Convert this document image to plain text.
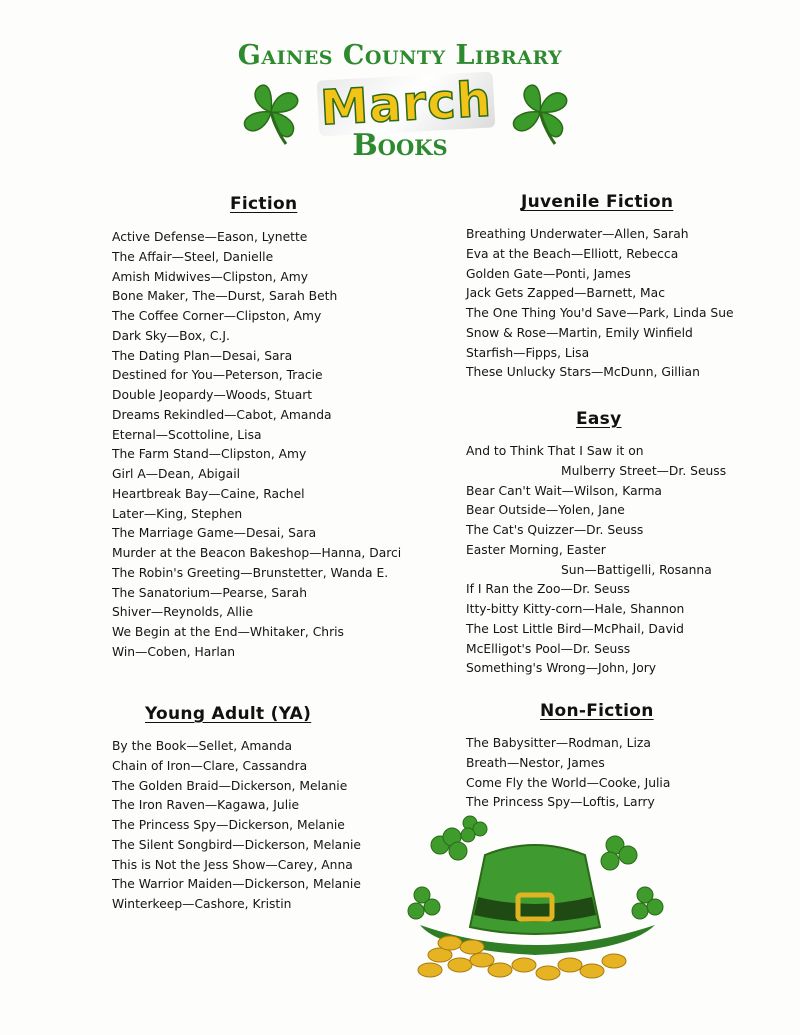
Gaines County Library
March
Books
Fiction
Active Defense—Eason, Lynette
The Affair—Steel, Danielle
Amish Midwives—Clipston, Amy
Bone Maker, The—Durst, Sarah Beth
The Coffee Corner—Clipston, Amy
Dark Sky—Box, C.J.
The Dating Plan—Desai, Sara
Destined for You—Peterson, Tracie
Double Jeopardy—Woods, Stuart
Dreams Rekindled—Cabot, Amanda
Eternal—Scottoline, Lisa
The Farm Stand—Clipston, Amy
Girl A—Dean, Abigail
Heartbreak Bay—Caine, Rachel
Later—King, Stephen
The Marriage Game—Desai, Sara
Murder at the Beacon Bakeshop—Hanna, Darci
The Robin's Greeting—Brunstetter, Wanda E.
The Sanatorium—Pearse, Sarah
Shiver—Reynolds, Allie
We Begin at the End—Whitaker, Chris
Win—Coben, Harlan
Juvenile Fiction
Breathing Underwater—Allen, Sarah
Eva at the Beach—Elliott, Rebecca
Golden Gate—Ponti, James
Jack Gets Zapped—Barnett, Mac
The One Thing You'd Save—Park, Linda Sue
Snow & Rose—Martin, Emily Winfield
Starfish—Fipps, Lisa
These Unlucky Stars—McDunn, Gillian
Easy
And to Think That I Saw it on
Mulberry Street—Dr. Seuss
Bear Can't Wait—Wilson, Karma
Bear Outside—Yolen, Jane
The Cat's Quizzer—Dr. Seuss
Easter Morning, Easter
Sun—Battigelli, Rosanna
If I Ran the Zoo—Dr. Seuss
Itty-bitty Kitty-corn—Hale, Shannon
The Lost Little Bird—McPhail, David
McElligot's Pool—Dr. Seuss
Something's Wrong—John, Jory
Young Adult (YA)
By the Book—Sellet, Amanda
Chain of Iron—Clare, Cassandra
The Golden Braid—Dickerson, Melanie
The Iron Raven—Kagawa, Julie
The Princess Spy—Dickerson, Melanie
The Silent Songbird—Dickerson, Melanie
This is Not the Jess Show—Carey, Anna
The Warrior Maiden—Dickerson, Melanie
Winterkeep—Cashore, Kristin
Non-Fiction
The Babysitter—Rodman, Liza
Breath—Nestor, James
Come Fly the World—Cooke, Julia
The Princess Spy—Loftis, Larry
